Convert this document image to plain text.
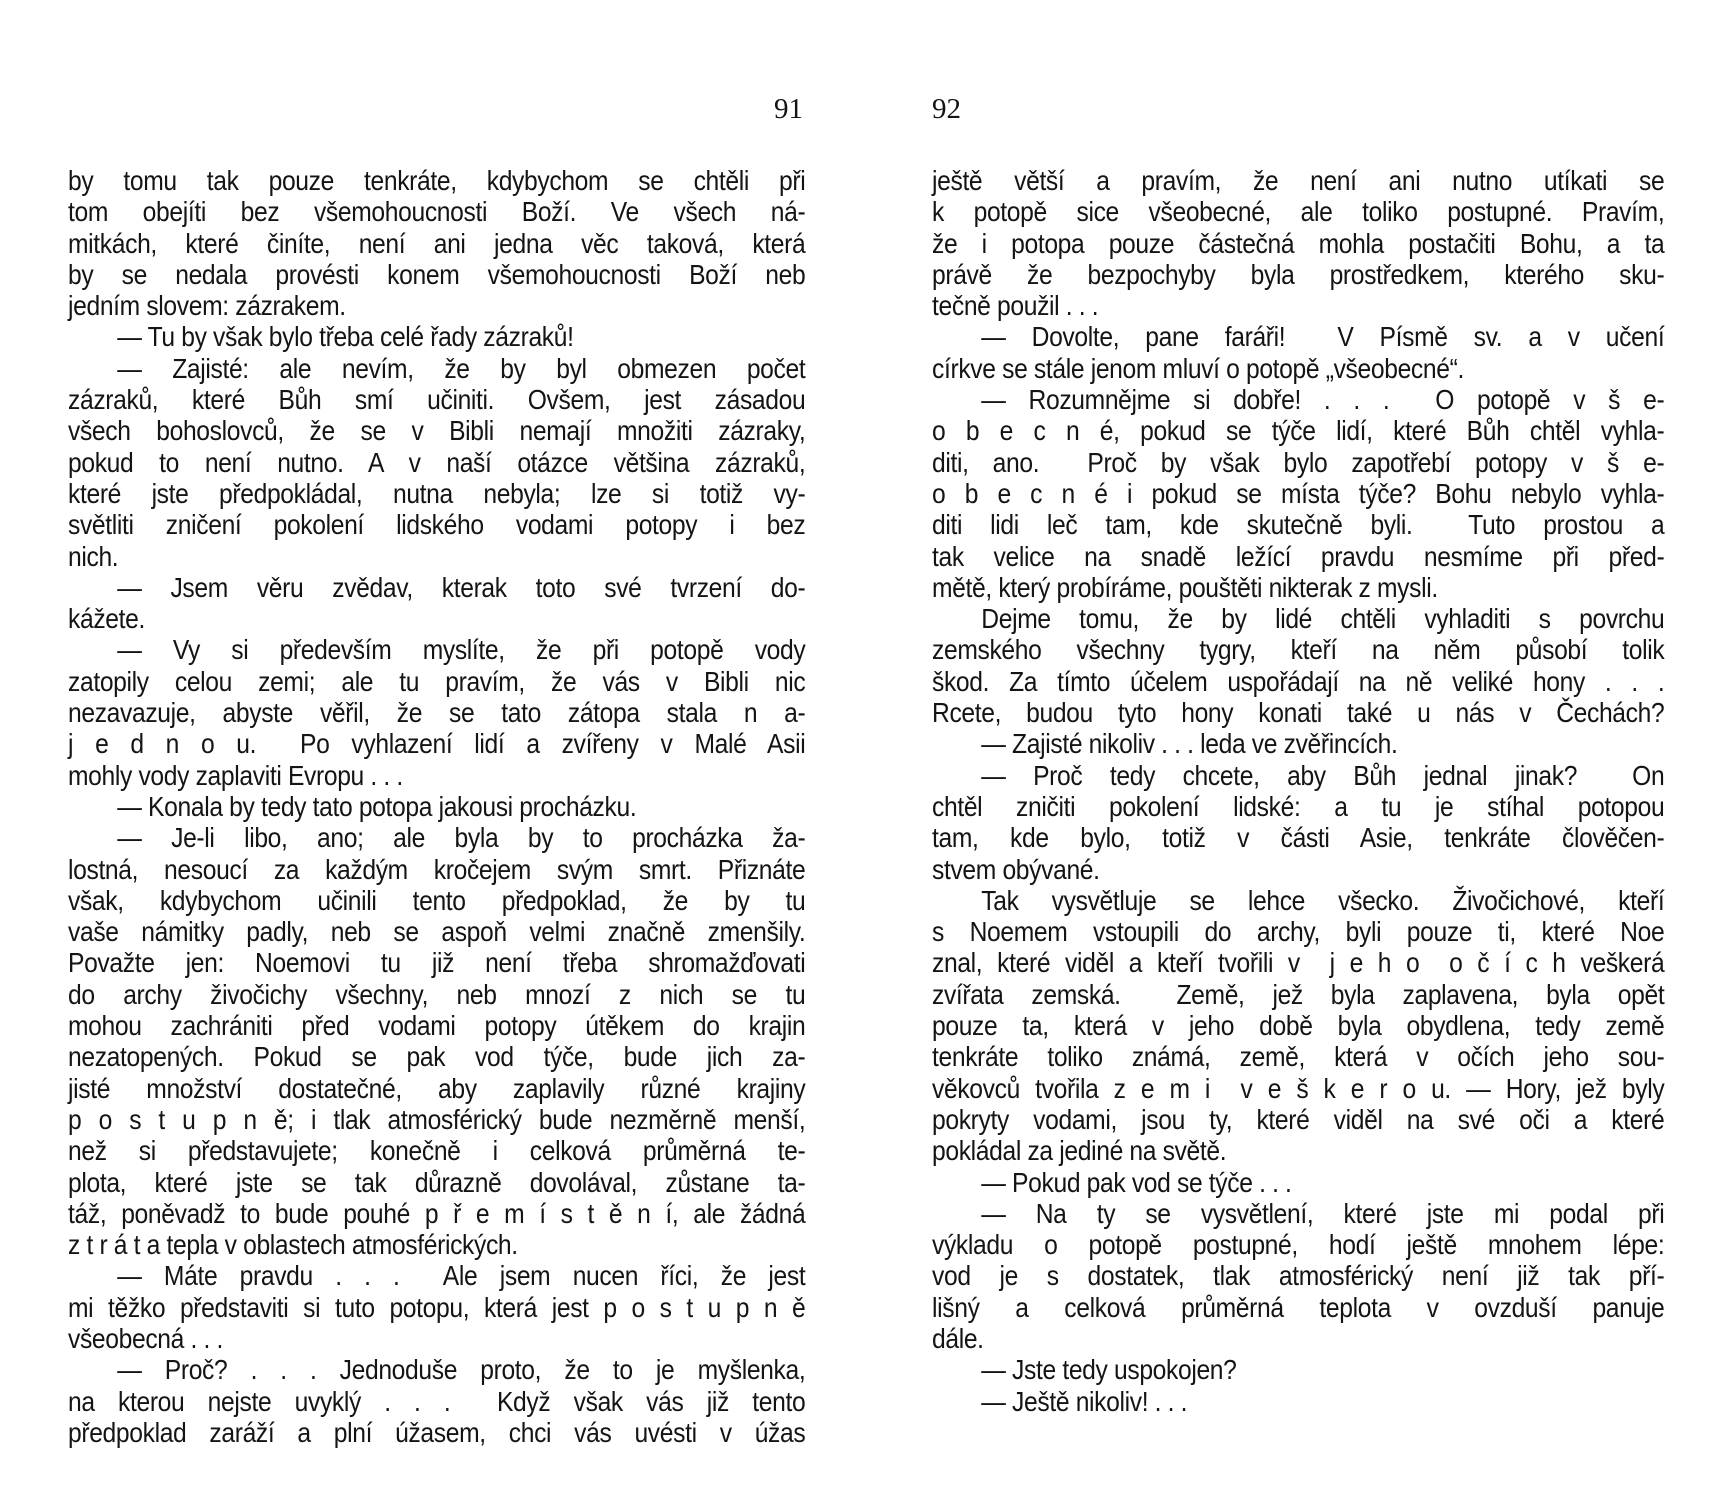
91
by tomu tak pouze tenkráte, kdybychom se chtěli při
tom obejíti bez všemohoucnosti Boží. Ve všech ná-
mitkách, které činíte, není ani jedna věc taková, která
by se nedala provésti konem všemohoucnosti Boží neb
jedním slovem: zázrakem.
— Tu by však bylo třeba celé řady zázraků!
— Zajisté: ale nevím, že by byl obmezen počet
zázraků, které Bůh smí učiniti. Ovšem, jest zásadou
všech bohoslovců, že se v Bibli nemají množiti zázraky,
pokud to není nutno. A v naší otázce většina zázraků,
které jste předpokládal, nutna nebyla; lze si totiž vy-
světliti zničení pokolení lidského vodami potopy i bez
nich.
— Jsem věru zvědav, kterak toto své tvrzení do-
kážete.
— Vy si především myslíte, že při potopě vody
zatopily celou zemi; ale tu pravím, že vás v Bibli nic
nezavazuje, abyste věřil, že se tato zátopa stala n a-
j e d n o u.  Po vyhlazení lidí a zvířeny v Malé Asii
mohly vody zaplaviti Evropu . . .
— Konala by tedy tato potopa jakousi procházku.
— Je-li libo, ano; ale byla by to procházka ža-
lostná, nesoucí za každým kročejem svým smrt. Přiznáte
však, kdybychom učinili tento předpoklad, že by tu
vaše námitky padly, neb se aspoň velmi značně zmenšily.
Považte jen: Noemovi tu již není třeba shromažďovati
do archy živočichy všechny, neb mnozí z nich se tu
mohou zachrániti před vodami potopy útěkem do krajin
nezatopených. Pokud se pak vod týče, bude jich za-
jisté množství dostatečné, aby zaplavily různé krajiny
p o s t u p n ě; i tlak atmosférický bude nezměrně menší,
než si představujete; konečně i celková průměrná te-
plota, které jste se tak důrazně dovolával, zůstane ta-
táž, poněvadž to bude pouhé p ř e m í s t ě n í, ale žádná
z t r á t a tepla v oblastech atmosférických.
— Máte pravdu . . .  Ale jsem nucen říci, že jest
mi těžko představiti si tuto potopu, která jest p o s t u p n ě
všeobecná . . .
— Proč? . . . Jednoduše proto, že to je myšlenka,
na kterou nejste uvyklý . . .  Když však vás již tento
předpoklad zaráží a plní úžasem, chci vás uvésti v úžas
92
ještě větší a pravím, že není ani nutno utíkati se
k potopě sice všeobecné, ale toliko postupné. Pravím,
že i potopa pouze částečná mohla postačiti Bohu, a ta
právě že bezpochyby byla prostředkem, kterého sku-
tečně použil . . .
— Dovolte, pane faráři!  V Písmě sv. a v učení
církve se stále jenom mluví o potopě „všeobecné“.
— Rozumnějme si dobře! . . .  O potopě v š e-
o b e c n é, pokud se týče lidí, které Bůh chtěl vyhla-
diti, ano.  Proč by však bylo zapotřebí potopy v š e-
o b e c n é i pokud se místa týče? Bohu nebylo vyhla-
diti lidi leč tam, kde skutečně byli.  Tuto prostou a
tak velice na snadě ležící pravdu nesmíme při před-
mětě, který probíráme, pouštěti nikterak z mysli.
Dejme tomu, že by lidé chtěli vyhladiti s povrchu
zemského všechny tygry, kteří na něm působí tolik
škod. Za tímto účelem uspořádají na ně veliké hony . . .
Rcete, budou tyto hony konati také u nás v Čechách?
— Zajisté nikoliv . . . leda ve zvěřincích.
— Proč tedy chcete, aby Bůh jednal jinak?  On
chtěl zničiti pokolení lidské: a tu je stíhal potopou
tam, kde bylo, totiž v části Asie, tenkráte člověčen-
stvem obývané.
Tak vysvětluje se lehce všecko. Živočichové, kteří
s Noemem vstoupili do archy, byli pouze ti, které Noe
znal, které viděl a kteří tvořili v  j e h o  o č í c h veškerá
zvířata zemská.  Země, jež byla zaplavena, byla opět
pouze ta, která v jeho době byla obydlena, tedy země
tenkráte toliko známá, země, která v očích jeho sou-
věkovců tvořila z e m i  v e š k e r o u. — Hory, jež byly
pokryty vodami, jsou ty, které viděl na své oči a které
pokládal za jediné na světě.
— Pokud pak vod se týče . . .
— Na ty se vysvětlení, které jste mi podal při
výkladu o potopě postupné, hodí ještě mnohem lépe:
vod je s dostatek, tlak atmosférický není již tak pří-
lišný a celková průměrná teplota v ovzduší panuje
dále.
— Jste tedy uspokojen?
— Ještě nikoliv! . . .
